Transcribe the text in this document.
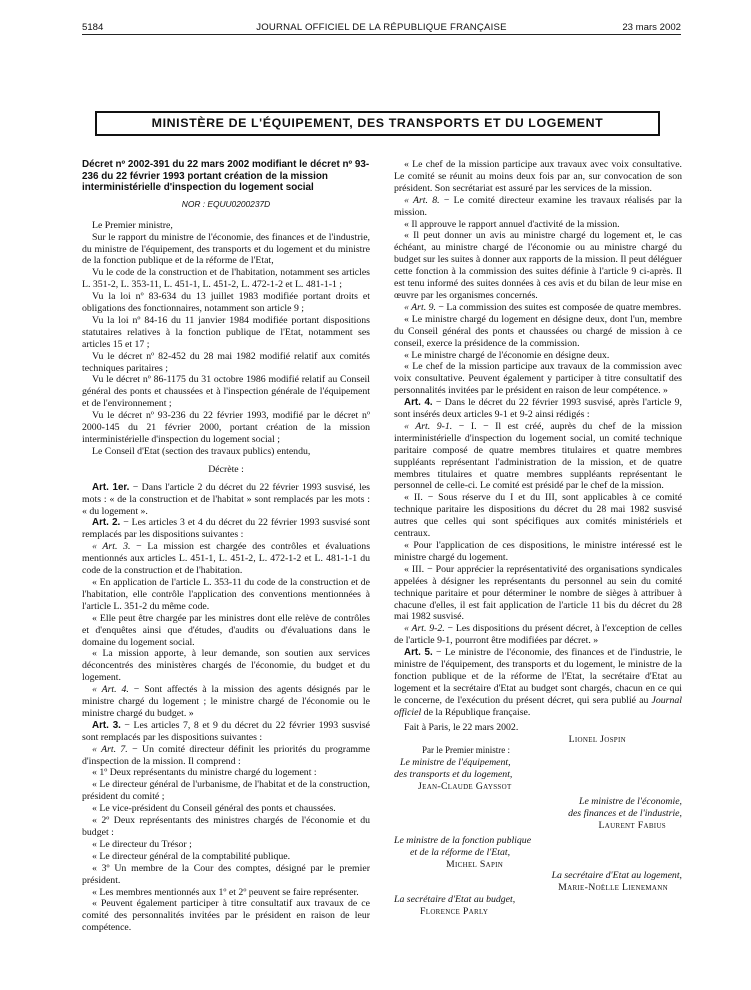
5184	JOURNAL OFFICIEL DE LA RÉPUBLIQUE FRANÇAISE	23 mars 2002
MINISTÈRE DE L'ÉQUIPEMENT, DES TRANSPORTS ET DU LOGEMENT

Décret nº 2002-391 du 22 mars 2002 modifiant le décret nº 93-236 du 22 février 1993 portant création de la mission interministérielle d'inspection du logement social

NOR : EQUU0200237D

Le Premier ministre,

Sur le rapport du ministre de l'économie, des finances et de l'industrie, du ministre de l'équipement, des transports et du logement et du ministre de la fonction publique et de la réforme de l'Etat,

Vu le code de la construction et de l'habitation, notamment ses articles L. 351-2, L. 353-11, L. 451-1, L. 451-2, L. 472-1-2 et L. 481-1-1 ;

Vu la loi nº 83-634 du 13 juillet 1983 modifiée portant droits et obligations des fonctionnaires, notamment son article 9 ;

Vu la loi nº 84-16 du 11 janvier 1984 modifiée portant dispositions statutaires relatives à la fonction publique de l'Etat, notamment ses articles 15 et 17 ;

Vu le décret nº 82-452 du 28 mai 1982 modifié relatif aux comités techniques paritaires ;

Vu le décret nº 86-1175 du 31 octobre 1986 modifié relatif au Conseil général des ponts et chaussées et à l'inspection générale de l'équipement et de l'environnement ;

Vu le décret nº 93-236 du 22 février 1993, modifié par le décret nº 2000-145 du 21 février 2000, portant création de la mission interministérielle d'inspection du logement social ;

Le Conseil d'Etat (section des travaux publics) entendu,

Décrète :

Art. 1er. − Dans l'article 2 du décret du 22 février 1993 susvisé, les mots : « de la construction et de l'habitat » sont remplacés par les mots : « du logement ».

Art. 2. − Les articles 3 et 4 du décret du 22 février 1993 susvisé sont remplacés par les dispositions suivantes :

« Art. 3. − La mission est chargée des contrôles et évaluations mentionnés aux articles L. 451-1, L. 451-2, L. 472-1-2 et L. 481-1-1 du code de la construction et de l'habitation.

« En application de l'article L. 353-11 du code de la construction et de l'habitation, elle contrôle l'application des conventions mentionnées à l'article L. 351-2 du même code.

« Elle peut être chargée par les ministres dont elle relève de contrôles et d'enquêtes ainsi que d'études, d'audits ou d'évaluations dans le domaine du logement social.

« La mission apporte, à leur demande, son soutien aux services déconcentrés des ministères chargés de l'économie, du budget et du logement.

« Art. 4. − Sont affectés à la mission des agents désignés par le ministre chargé du logement ; le ministre chargé de l'économie ou le ministre chargé du budget. »

Art. 3. − Les articles 7, 8 et 9 du décret du 22 février 1993 susvisé sont remplacés par les dispositions suivantes :

« Art. 7. − Un comité directeur définit les priorités du programme d'inspection de la mission. Il comprend :

« 1º Deux représentants du ministre chargé du logement :

« Le directeur général de l'urbanisme, de l'habitat et de la construction, président du comité ;

« Le vice-président du Conseil général des ponts et chaussées.

« 2º Deux représentants des ministres chargés de l'économie et du budget :

« Le directeur du Trésor ;

« Le directeur général de la comptabilité publique.

« 3º Un membre de la Cour des comptes, désigné par le premier président.

« Les membres mentionnés aux 1º et 2º peuvent se faire représenter.

« Peuvent également participer à titre consultatif aux travaux de ce comité des personnalités invitées par le président en raison de leur compétence.

« Le chef de la mission participe aux travaux avec voix consultative. Le comité se réunit au moins deux fois par an, sur convocation de son président. Son secrétariat est assuré par les services de la mission.

« Art. 8. − Le comité directeur examine les travaux réalisés par la mission.

« Il approuve le rapport annuel d'activité de la mission.

« Il peut donner un avis au ministre chargé du logement et, le cas échéant, au ministre chargé de l'économie ou au ministre chargé du budget sur les suites à donner aux rapports de la mission. Il peut déléguer cette fonction à la commission des suites définie à l'article 9 ci-après. Il est tenu informé des suites données à ces avis et du bilan de leur mise en œuvre par les organismes concernés.

« Art. 9. − La commission des suites est composée de quatre membres.

« Le ministre chargé du logement en désigne deux, dont l'un, membre du Conseil général des ponts et chaussées ou chargé de mission à ce conseil, exerce la présidence de la commission.

« Le ministre chargé de l'économie en désigne deux.

« Le chef de la mission participe aux travaux de la commission avec voix consultative. Peuvent également y participer à titre consultatif des personnalités invitées par le président en raison de leur compétence. »

Art. 4. − Dans le décret du 22 février 1993 susvisé, après l'article 9, sont insérés deux articles 9-1 et 9-2 ainsi rédigés :

« Art. 9-1. − I. − Il est créé, auprès du chef de la mission interministérielle d'inspection du logement social, un comité technique paritaire composé de quatre membres titulaires et quatre membres suppléants représentant l'administration de la mission, et de quatre membres titulaires et quatre membres suppléants représentant le personnel de celle-ci. Le comité est présidé par le chef de la mission.

« II. − Sous réserve du I et du III, sont applicables à ce comité technique paritaire les dispositions du décret du 28 mai 1982 susvisé autres que celles qui sont spécifiques aux comités ministériels et centraux.

« Pour l'application de ces dispositions, le ministre intéressé est le ministre chargé du logement.

« III. − Pour apprécier la représentativité des organisations syndicales appelées à désigner les représentants du personnel au sein du comité technique paritaire et pour déterminer le nombre de sièges à attribuer à chacune d'elles, il est fait application de l'article 11 bis du décret du 28 mai 1982 susvisé.

« Art. 9-2. − Les dispositions du présent décret, à l'exception de celles de l'article 9-1, pourront être modifiées par décret. »

Art. 5. − Le ministre de l'économie, des finances et de l'industrie, le ministre de l'équipement, des transports et du logement, le ministre de la fonction publique et de la réforme de l'Etat, la secrétaire d'Etat au logement et la secrétaire d'Etat au budget sont chargés, chacun en ce qui le concerne, de l'exécution du présent décret, qui sera publié au Journal officiel de la République française.

Fait à Paris, le 22 mars 2002.

Lionel Jospin

Par le Premier ministre :

Le ministre de l'équipement,

des transports et du logement,

Jean-Claude Gayssot

Le ministre de l'économie,

des finances et de l'industrie,

Laurent Fabius

Le ministre de la fonction publique

et de la réforme de l'Etat,

Michel Sapin

La secrétaire d'Etat au logement,

Marie-Noëlle Lienemann

La secrétaire d'Etat au budget,

Florence Parly
